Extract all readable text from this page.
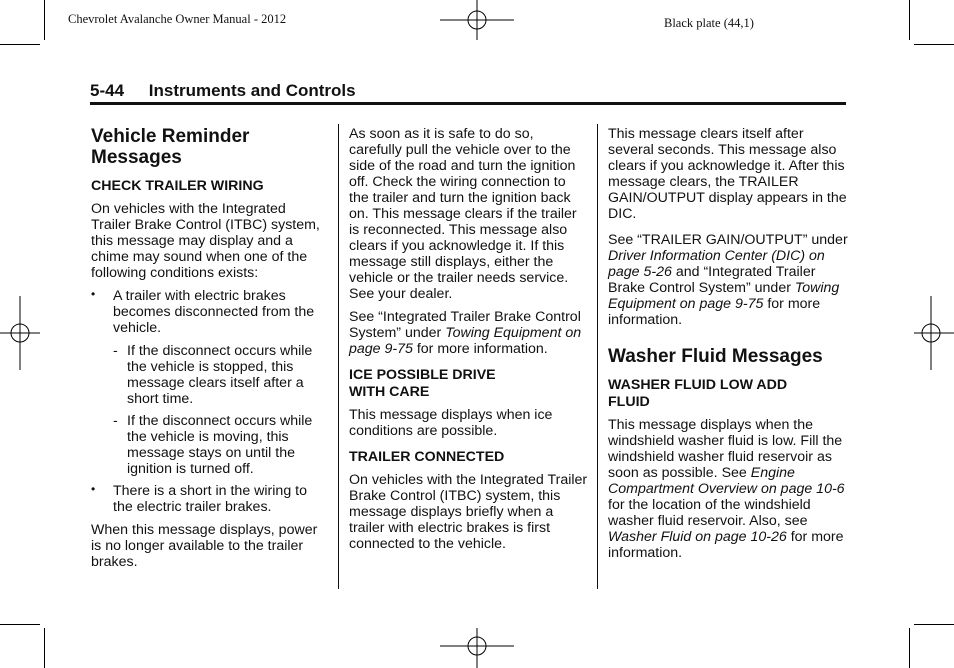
Chevrolet Avalanche Owner Manual - 2012	Black plate (44,1)
5-44 Instruments and Controls
Vehicle Reminder
Messages
CHECK TRAILER WIRING

On vehicles with the Integrated Trailer Brake Control (ITBC) system, this message may display and a chime may sound when one of the following conditions exists:

• A trailer with electric brakes becomes disconnected from the vehicle.
- If the disconnect occurs while the vehicle is stopped, this message clears itself after a short time.
- If the disconnect occurs while the vehicle is moving, this message stays on until the ignition is turned off.
• There is a short in the wiring to the electric trailer brakes.

When this message displays, power is no longer available to the trailer brakes.

As soon as it is safe to do so, carefully pull the vehicle over to the side of the road and turn the ignition off. Check the wiring connection to the trailer and turn the ignition back on. This message clears if the trailer is reconnected. This message also clears if you acknowledge it. If this message still displays, either the vehicle or the trailer needs service. See your dealer.

See “Integrated Trailer Brake Control System” under Towing Equipment on page 9-75 for more information.

ICE POSSIBLE DRIVE
WITH CARE

This message displays when ice conditions are possible.

TRAILER CONNECTED

On vehicles with the Integrated Trailer Brake Control (ITBC) system, this message displays briefly when a trailer with electric brakes is first connected to the vehicle.

This message clears itself after several seconds. This message also clears if you acknowledge it. After this message clears, the TRAILER GAIN/OUTPUT display appears in the DIC.

See “TRAILER GAIN/OUTPUT” under Driver Information Center (DIC) on page 5-26 and “Integrated Trailer Brake Control System” under Towing Equipment on page 9-75 for more information.

Washer Fluid Messages
WASHER FLUID LOW ADD
FLUID

This message displays when the windshield washer fluid is low. Fill the windshield washer fluid reservoir as soon as possible. See Engine Compartment Overview on page 10-6 for the location of the windshield washer fluid reservoir. Also, see Washer Fluid on page 10-26 for more information.
